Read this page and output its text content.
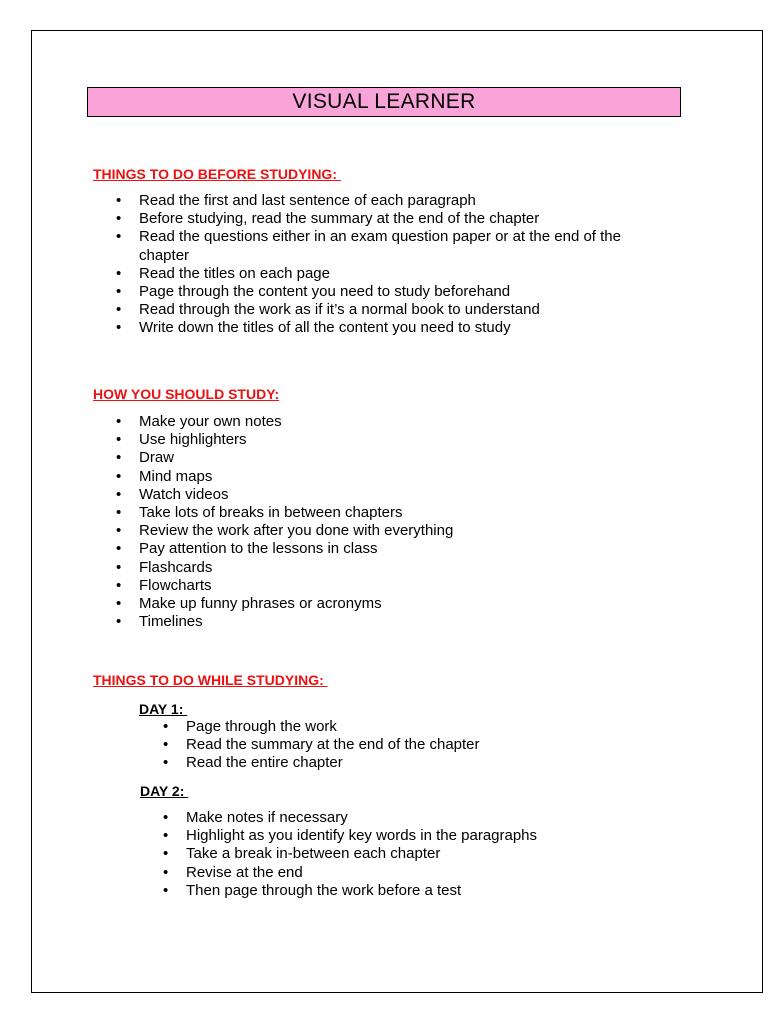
VISUAL LEARNER
THINGS TO DO BEFORE STUDYING:
• Read the first and last sentence of each paragraph
• Before studying, read the summary at the end of the chapter
• Read the questions either in an exam question paper or at the end of the chapter
• Read the titles on each page
• Page through the content you need to study beforehand
• Read through the work as if it’s a normal book to understand
• Write down the titles of all the content you need to study
HOW YOU SHOULD STUDY:
• Make your own notes
• Use highlighters
• Draw
• Mind maps
• Watch videos
• Take lots of breaks in between chapters
• Review the work after you done with everything
• Pay attention to the lessons in class
• Flashcards
• Flowcharts
• Make up funny phrases or acronyms
• Timelines
THINGS TO DO WHILE STUDYING:
DAY 1:
• Page through the work
• Read the summary at the end of the chapter
• Read the entire chapter
DAY 2:
• Make notes if necessary
• Highlight as you identify key words in the paragraphs
• Take a break in-between each chapter
• Revise at the end
• Then page through the work before a test
